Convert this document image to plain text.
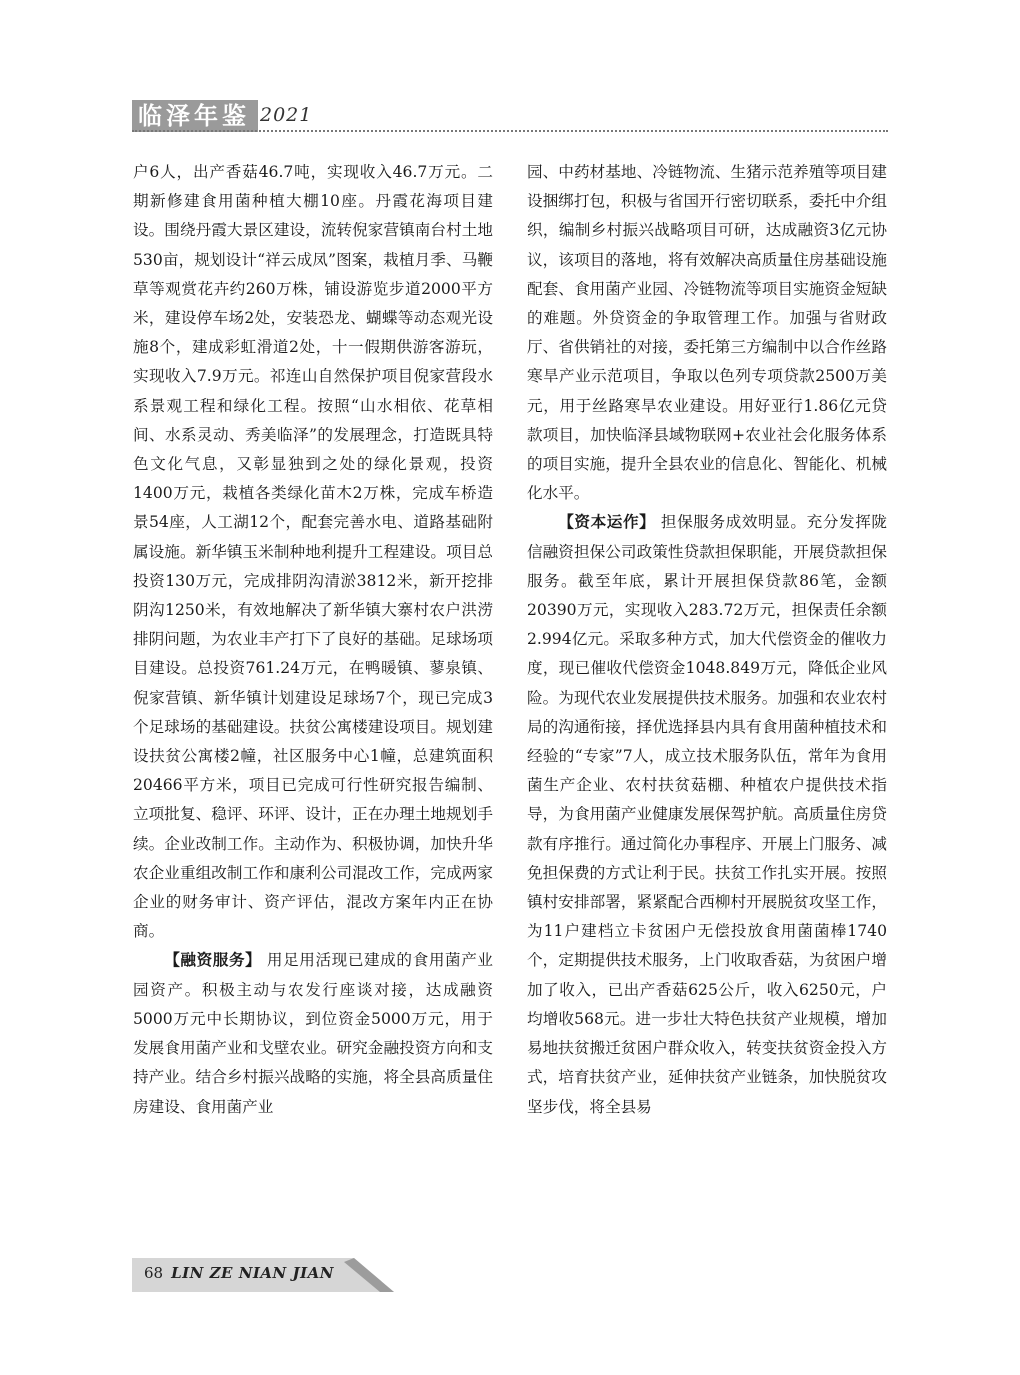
临泽年鉴 2021

户6人，出产香菇46.7吨，实现收入46.7万元。二期新修建食用菌种植大棚10座。丹霞花海项目建设。围绕丹霞大景区建设，流转倪家营镇南台村土地530亩，规划设计“祥云成凤”图案，栽植月季、马鞭草等观赏花卉约260万株，铺设游览步道2000平方米，建设停车场2处，安装恐龙、蝴蝶等动态观光设施8个，建成彩虹滑道2处，十一假期供游客游玩，实现收入7.9万元。祁连山自然保护项目倪家营段水系景观工程和绿化工程。按照“山水相依、花草相间、水系灵动、秀美临泽”的发展理念，打造既具特色文化气息，又彰显独到之处的绿化景观，投资1400万元，栽植各类绿化苗木2万株，完成车桥造景54座，人工湖12个，配套完善水电、道路基础附属设施。新华镇玉米制种地利提升工程建设。项目总投资130万元，完成排阴沟清淤3812米，新开挖排阴沟1250米，有效地解决了新华镇大寨村农户洪涝排阴问题，为农业丰产打下了良好的基础。足球场项目建设。总投资761.24万元，在鸭暖镇、蓼泉镇、倪家营镇、新华镇计划建设足球场7个，现已完成3个足球场的基础建设。扶贫公寓楼建设项目。规划建设扶贫公寓楼2幢，社区服务中心1幢，总建筑面积20466平方米，项目已完成可行性研究报告编制、立项批复、稳评、环评、设计，正在办理土地规划手续。企业改制工作。主动作为、积极协调，加快升华农企业重组改制工作和康利公司混改工作，完成两家企业的财务审计、资产评估，混改方案年内正在协商。

【融资服务】 用足用活现已建成的食用菌产业园资产。积极主动与农发行座谈对接，达成融资5000万元中长期协议，到位资金5000万元，用于发展食用菌产业和戈壁农业。研究金融投资方向和支持产业。结合乡村振兴战略的实施，将全县高质量住房建设、食用菌产业

园、中药材基地、冷链物流、生猪示范养殖等项目建设捆绑打包，积极与省国开行密切联系，委托中介组织，编制乡村振兴战略项目可研，达成融资3亿元协议，该项目的落地，将有效解决高质量住房基础设施配套、食用菌产业园、冷链物流等项目实施资金短缺的难题。外贷资金的争取管理工作。加强与省财政厅、省供销社的对接，委托第三方编制中以合作丝路寒旱产业示范项目，争取以色列专项贷款2500万美元，用于丝路寒旱农业建设。用好亚行1.86亿元贷款项目，加快临泽县域物联网+农业社会化服务体系的项目实施，提升全县农业的信息化、智能化、机械化水平。

【资本运作】 担保服务成效明显。充分发挥陇信融资担保公司政策性贷款担保职能，开展贷款担保服务。截至年底，累计开展担保贷款86笔，金额20390万元，实现收入283.72万元，担保责任余额2.994亿元。采取多种方式，加大代偿资金的催收力度，现已催收代偿资金1048.849万元，降低企业风险。为现代农业发展提供技术服务。加强和农业农村局的沟通衔接，择优选择县内具有食用菌种植技术和经验的“专家”7人，成立技术服务队伍，常年为食用菌生产企业、农村扶贫菇棚、种植农户提供技术指导，为食用菌产业健康发展保驾护航。高质量住房贷款有序推行。通过简化办事程序、开展上门服务、减免担保费的方式让利于民。扶贫工作扎实开展。按照镇村安排部署，紧紧配合西柳村开展脱贫攻坚工作，为11户建档立卡贫困户无偿投放食用菌菌棒1740个，定期提供技术服务，上门收取香菇，为贫困户增加了收入，已出产香菇625公斤，收入6250元，户均增收568元。进一步壮大特色扶贫产业规模，增加易地扶贫搬迁贫困户群众收入，转变扶贫资金投入方式，培育扶贫产业，延伸扶贫产业链条，加快脱贫攻坚步伐，将全县易

68 LIN ZE NIAN JIAN
